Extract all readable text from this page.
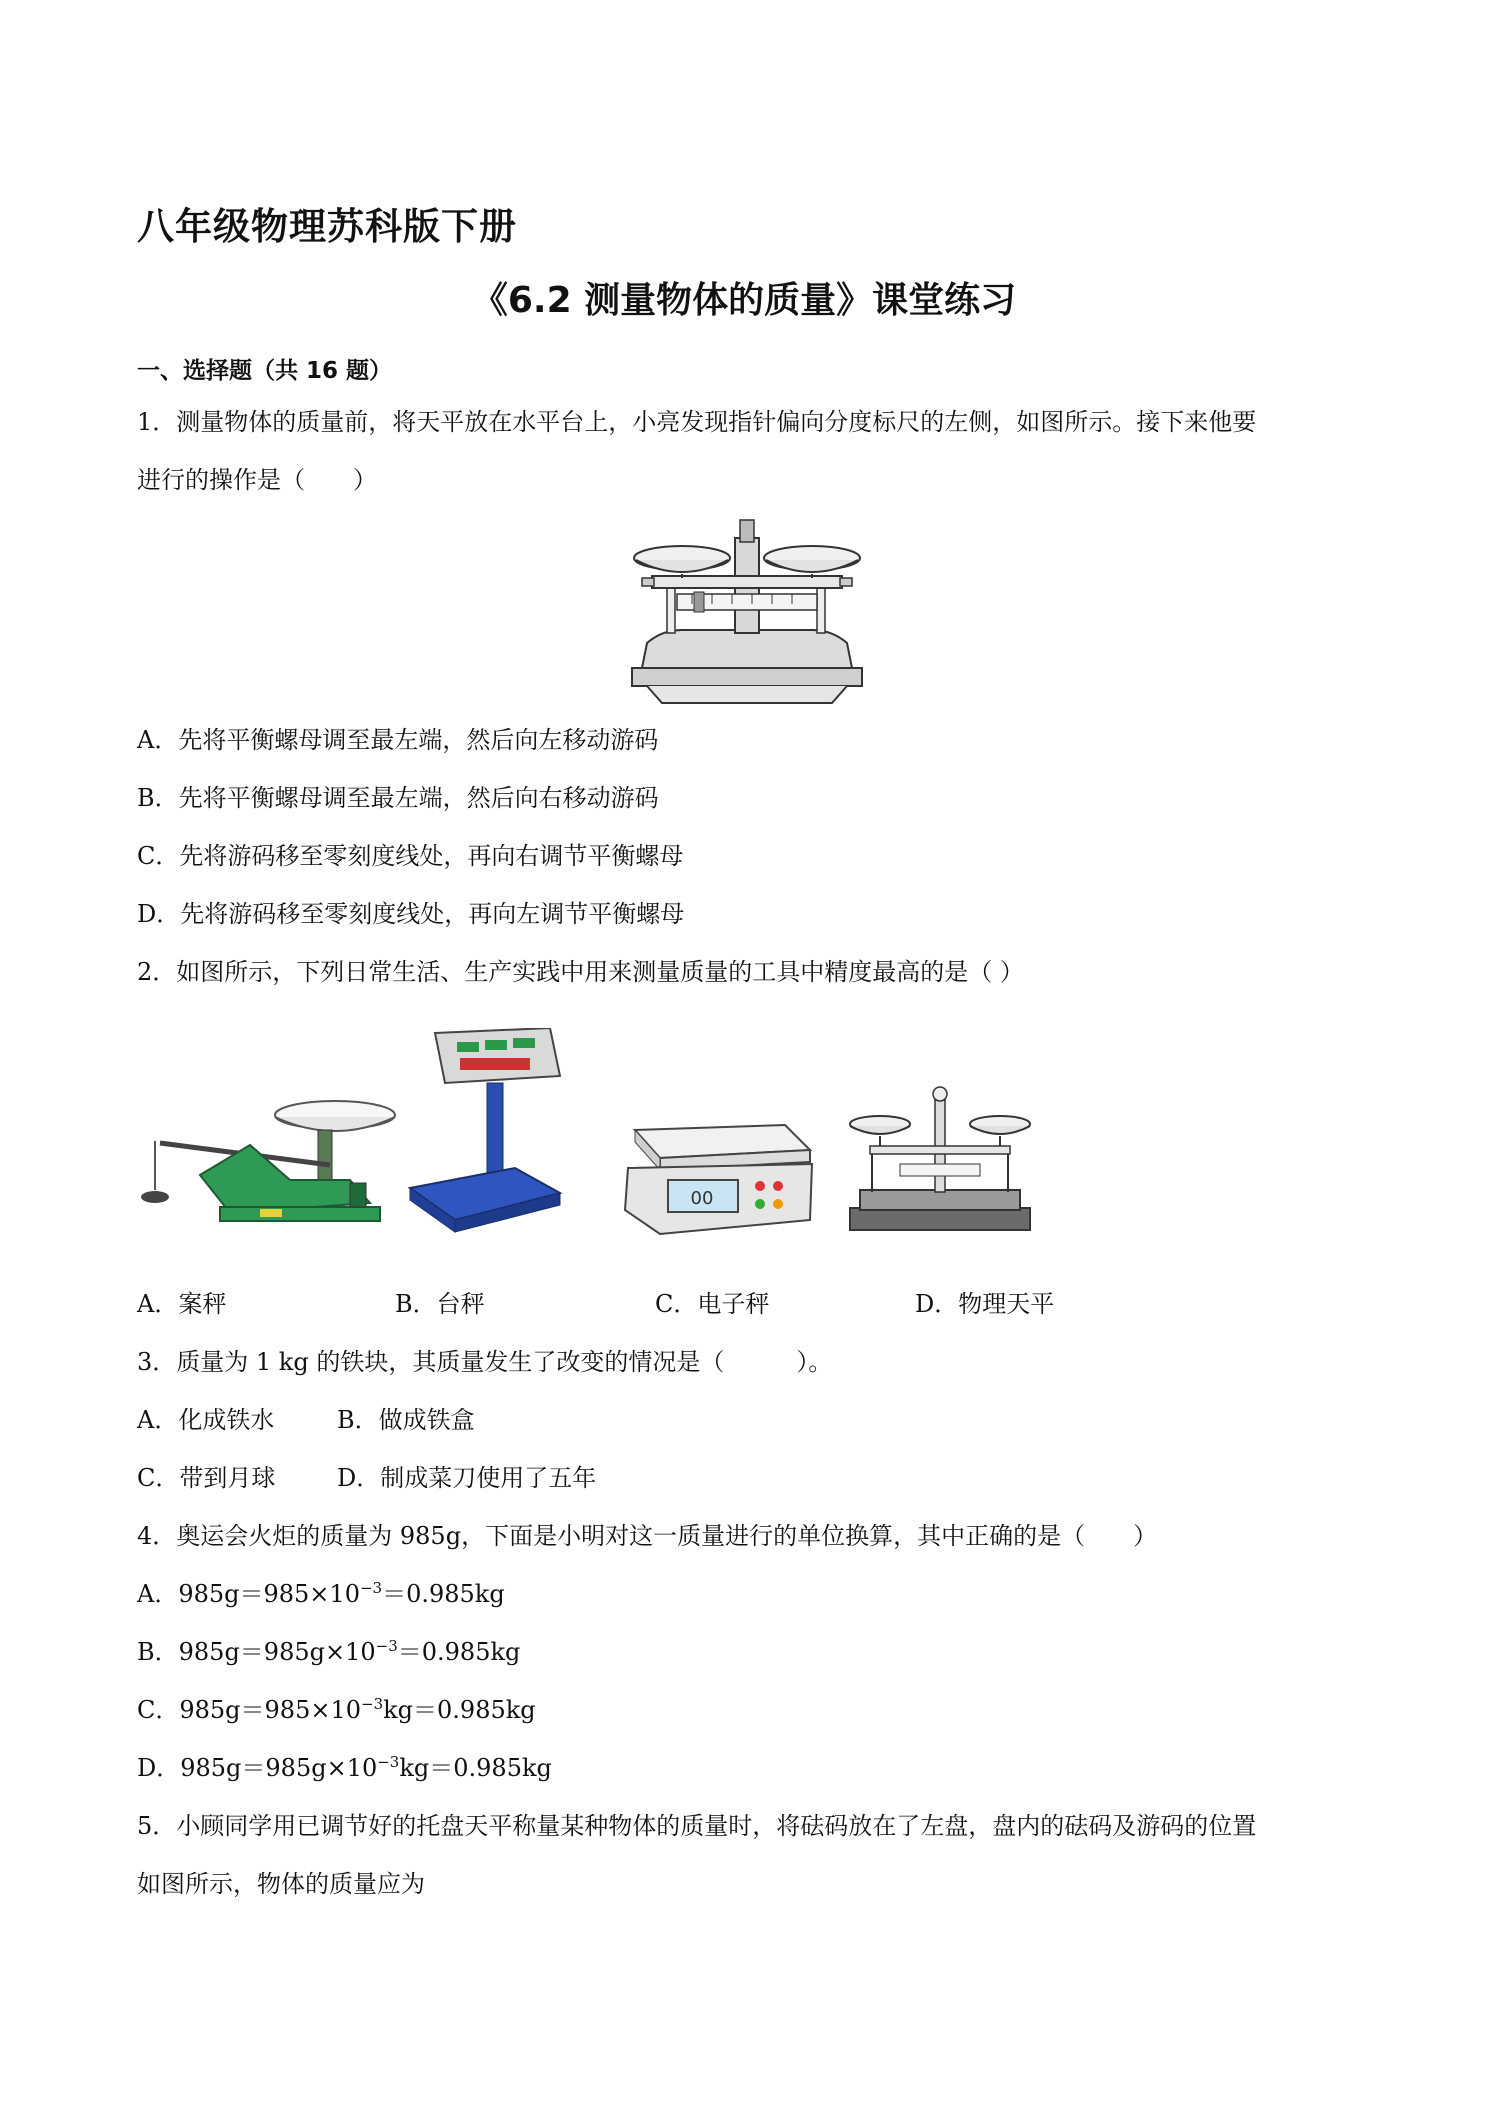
八年级物理苏科版下册
《6.2 测量物体的质量》课堂练习
一、选择题（共 16 题）
1．测量物体的质量前，将天平放在水平台上，小亮发现指针偏向分度标尺的左侧，如图所示。接下来他要
进行的操作是（　　）
A．先将平衡螺母调至最左端，然后向左移动游码
B．先将平衡螺母调至最左端，然后向右移动游码
C．先将游码移至零刻度线处，再向右调节平衡螺母
D．先将游码移至零刻度线处，再向左调节平衡螺母
2．如图所示，下列日常生活、生产实践中用来测量质量的工具中精度最高的是（ ）
00
A．案秤	B．台秤	C．电子秤	D．物理天平
3．质量为 1 kg 的铁块，其质量发生了改变的情况是（　　　）。
A．化成铁水	B．做成铁盒
C．带到月球	D．制成菜刀使用了五年
4．奥运会火炬的质量为 985g，下面是小明对这一质量进行的单位换算，其中正确的是（　　）
A．$985g=985\times 10^{-3}=0.985kg$
B．$985g=985g\times 10^{-3}=0.985kg$
C．$985g=985\times 10^{-3}kg=0.985kg$
D．$985g=985g\times 10^{-3}kg=0.985kg$
5．小顾同学用已调节好的托盘天平称量某种物体的质量时，将砝码放在了左盘，盘内的砝码及游码的位置
如图所示，物体的质量应为
